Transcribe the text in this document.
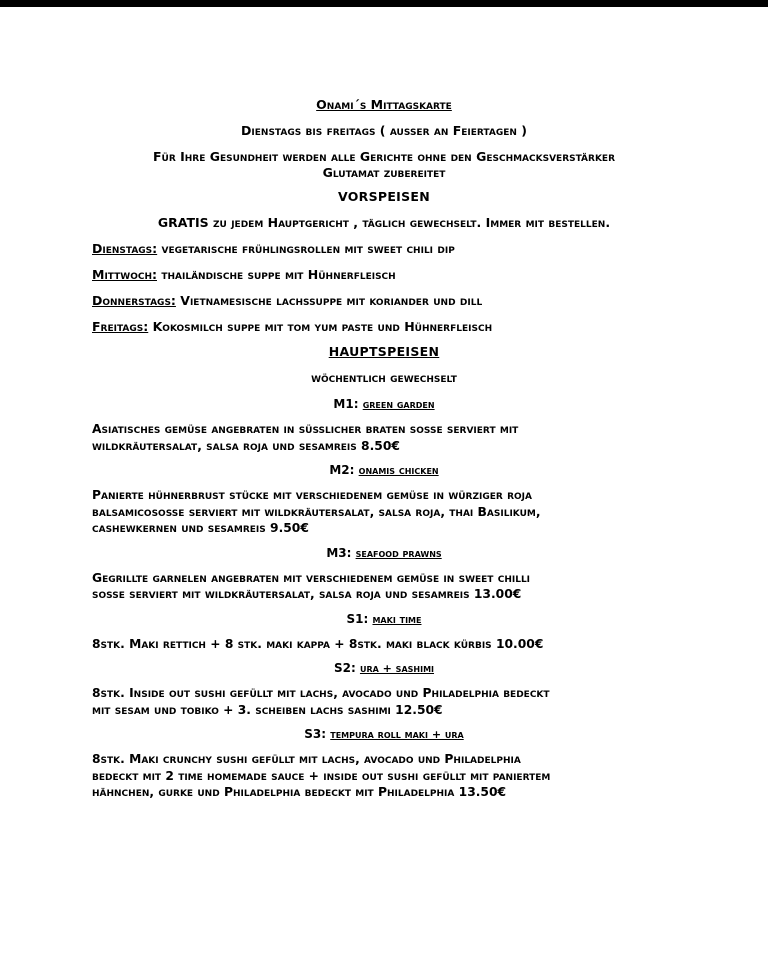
Onami´s Mittagskarte
Dienstags bis freitags ( ausser an Feiertagen )
Für Ihre Gesundheit werden alle Gerichte ohne den Geschmacksverstärker
Glutamat zubereitet
VORSPEISEN
GRATIS zu jedem Hauptgericht , täglich gewechselt. Immer mit bestellen.
Dienstags: vegetarische frühlingsrollen mit sweet chili dip
Mittwoch: thailändische suppe mit Hühnerfleisch
Donnerstags: Vietnamesische lachssuppe mit koriander und dill
Freitags: Kokosmilch suppe mit tom yum paste und Hühnerfleisch
HAUPTSPEISEN
wöchentlich gewechselt
M1: green garden
Asiatisches gemüse angebraten in süsslicher braten sosse serviert mit
wildkräutersalat, salsa roja und sesamreis 8.50€
M2: onamis chicken
Panierte hühnerbrust stücke mit verschiedenem gemüse in würziger roja
balsamicososse serviert mit wildkräutersalat, salsa roja, thai Basilikum,
cashewkernen und sesamreis 9.50€
M3: seafood prawns
Gegrillte garnelen angebraten mit verschiedenem gemüse in sweet chilli
sosse serviert mit wildkräutersalat, salsa roja und sesamreis 13.00€
S1: maki time
8stk. Maki rettich + 8 stk. maki kappa + 8stk. maki black kürbis 10.00€
S2: ura + sashimi
8stk. Inside out sushi gefüllt mit lachs, avocado und Philadelphia bedeckt
mit sesam und tobiko + 3. scheiben lachs sashimi 12.50€
S3: tempura roll maki + ura
8stk. Maki crunchy sushi gefüllt mit lachs, avocado und Philadelphia
bedeckt mit 2 time homemade sauce + inside out sushi gefüllt mit paniertem
hähnchen, gurke und Philadelphia bedeckt mit Philadelphia 13.50€
